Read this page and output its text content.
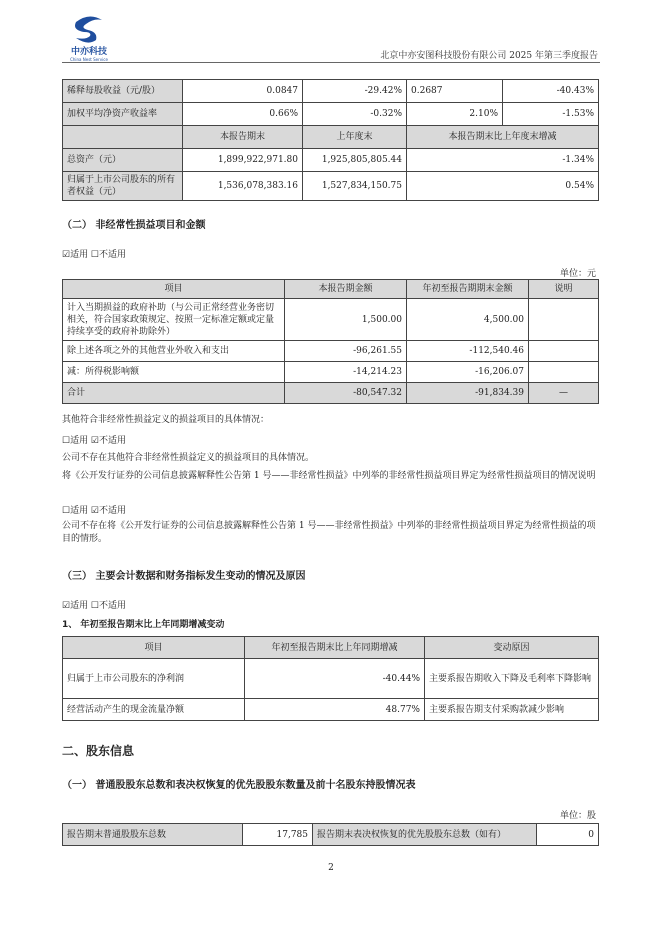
中亦科技
China Nest Service	北京中亦安图科技股份有限公司 2025 年第三季度报告
稀释每股收益（元/股）	0.0847	-29.42%	0.2687	-40.43%
加权平均净资产收益率	0.66%	-0.32%	2.10%	-1.53%
	本报告期末	上年度末	本报告期末比上年度末增减	
总资产（元）	1,899,922,971.80	1,925,805,805.44	-1.34%	
归属于上市公司股东的所有者权益（元）	1,536,078,383.16	1,527,834,150.75	0.54%	
（二） 非经常性损益项目和金额
☑适用 ☐不适用
单位：元
项目	本报告期金额	年初至报告期期末金额	说明
计入当期损益的政府补助（与公司正常经营业务密切相关，符合国家政策规定、按照一定标准定额或定量持续享受的政府补助除外）	1,500.00	4,500.00	
除上述各项之外的其他营业外收入和支出	-96,261.55	-112,540.46	
减：所得税影响额	-14,214.23	-16,206.07	
合计	-80,547.32	-91,834.39	—
其他符合非经常性损益定义的损益项目的具体情况：
☐适用 ☑不适用
公司不存在其他符合非经常性损益定义的损益项目的具体情况。
将《公开发行证券的公司信息披露解释性公告第 1 号——非经常性损益》中列举的非经常性损益项目界定为经常性损益项目的情况说明
☐适用 ☑不适用
公司不存在将《公开发行证券的公司信息披露解释性公告第 1 号——非经常性损益》中列举的非经常性损益项目界定为经常性损益的项目的情形。
（三） 主要会计数据和财务指标发生变动的情况及原因
☑适用 ☐不适用
1、 年初至报告期末比上年同期增减变动
项目	年初至报告期末比上年同期增减	变动原因
归属于上市公司股东的净利润	-40.44%	主要系报告期收入下降及毛利率下降影响
经营活动产生的现金流量净额	48.77%	主要系报告期支付采购款减少影响
二、股东信息
（一） 普通股股东总数和表决权恢复的优先股股东数量及前十名股东持股情况表
单位：股
报告期末普通股股东总数	17,785	报告期末表决权恢复的优先股股东总数（如有）	0
2
